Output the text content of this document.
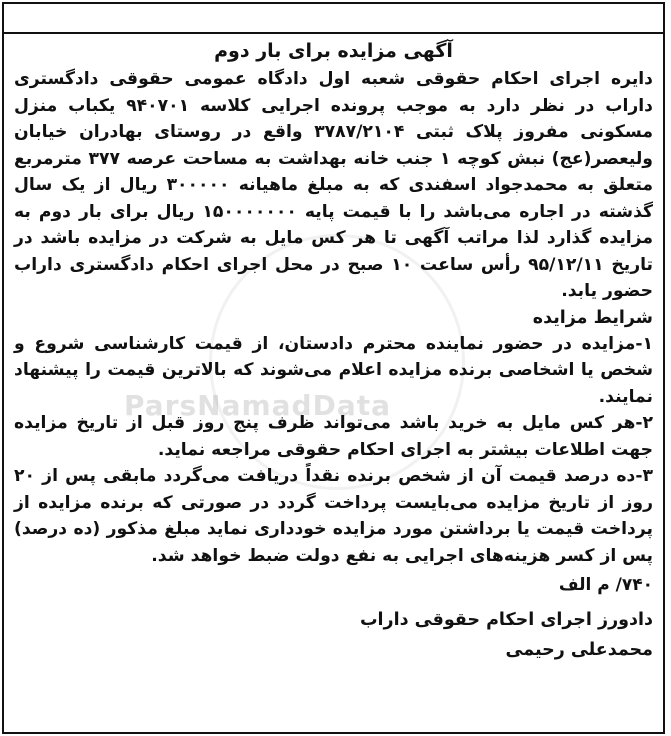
ParsNamadData
آگهی مزایده برای بار دوم

دایره اجرای احکام حقوقی شعبه اول دادگاه عمومی حقوقی دادگستری داراب در نظر دارد به موجب پرونده اجرایی کلاسه ۹۴۰۷۰۱ یکباب منزل مسکونی مفروز پلاک ثبتی ۳۷۸۷/۲۱۰۴ واقع در روستای بهادران خیابان ولیعصر(عج) نبش کوچه ۱ جنب خانه بهداشت به مساحت عرصه ۳۷۷ مترمربع متعلق به محمدجواد اسفندی که به مبلغ ماهیانه ۳۰۰۰۰۰ ریال از یک سال گذشته در اجاره می‌باشد را با قیمت پایه ۱۵۰۰۰۰۰۰۰ ریال برای بار دوم به مزایده گذارد لذا مراتب آگهی تا هر کس مایل به شرکت در مزایده باشد در تاریخ ۹۵/۱۲/۱۱ رأس ساعت ۱۰ صبح در محل اجرای احکام دادگستری داراب حضور یابد.

شرایط مزایده

۱-مزایده در حضور نماینده محترم دادستان، از قیمت کارشناسی شروع و شخص یا اشخاصی برنده مزایده اعلام می‌شوند که بالاترین قیمت را پیشنهاد نمایند.

۲-هر کس مایل به خرید باشد می‌تواند ظرف پنج روز قبل از تاریخ مزایده جهت اطلاعات بیشتر به اجرای احکام حقوقی مراجعه نماید.

۳-ده درصد قیمت آن از شخص برنده نقداً دریافت می‌گردد مابقی پس از ۲۰ روز از تاریخ مزایده می‌بایست پرداخت گردد در صورتی که برنده مزایده از پرداخت قیمت یا برداشتن مورد مزایده خودداری نماید مبلغ مذکور (ده درصد) پس از کسر هزینه‌های اجرایی به نفع دولت ضبط خواهد شد.

۷۴۰/ م الف
دادورز اجرای احکام حقوقی داراب
محمدعلی رحیمی
